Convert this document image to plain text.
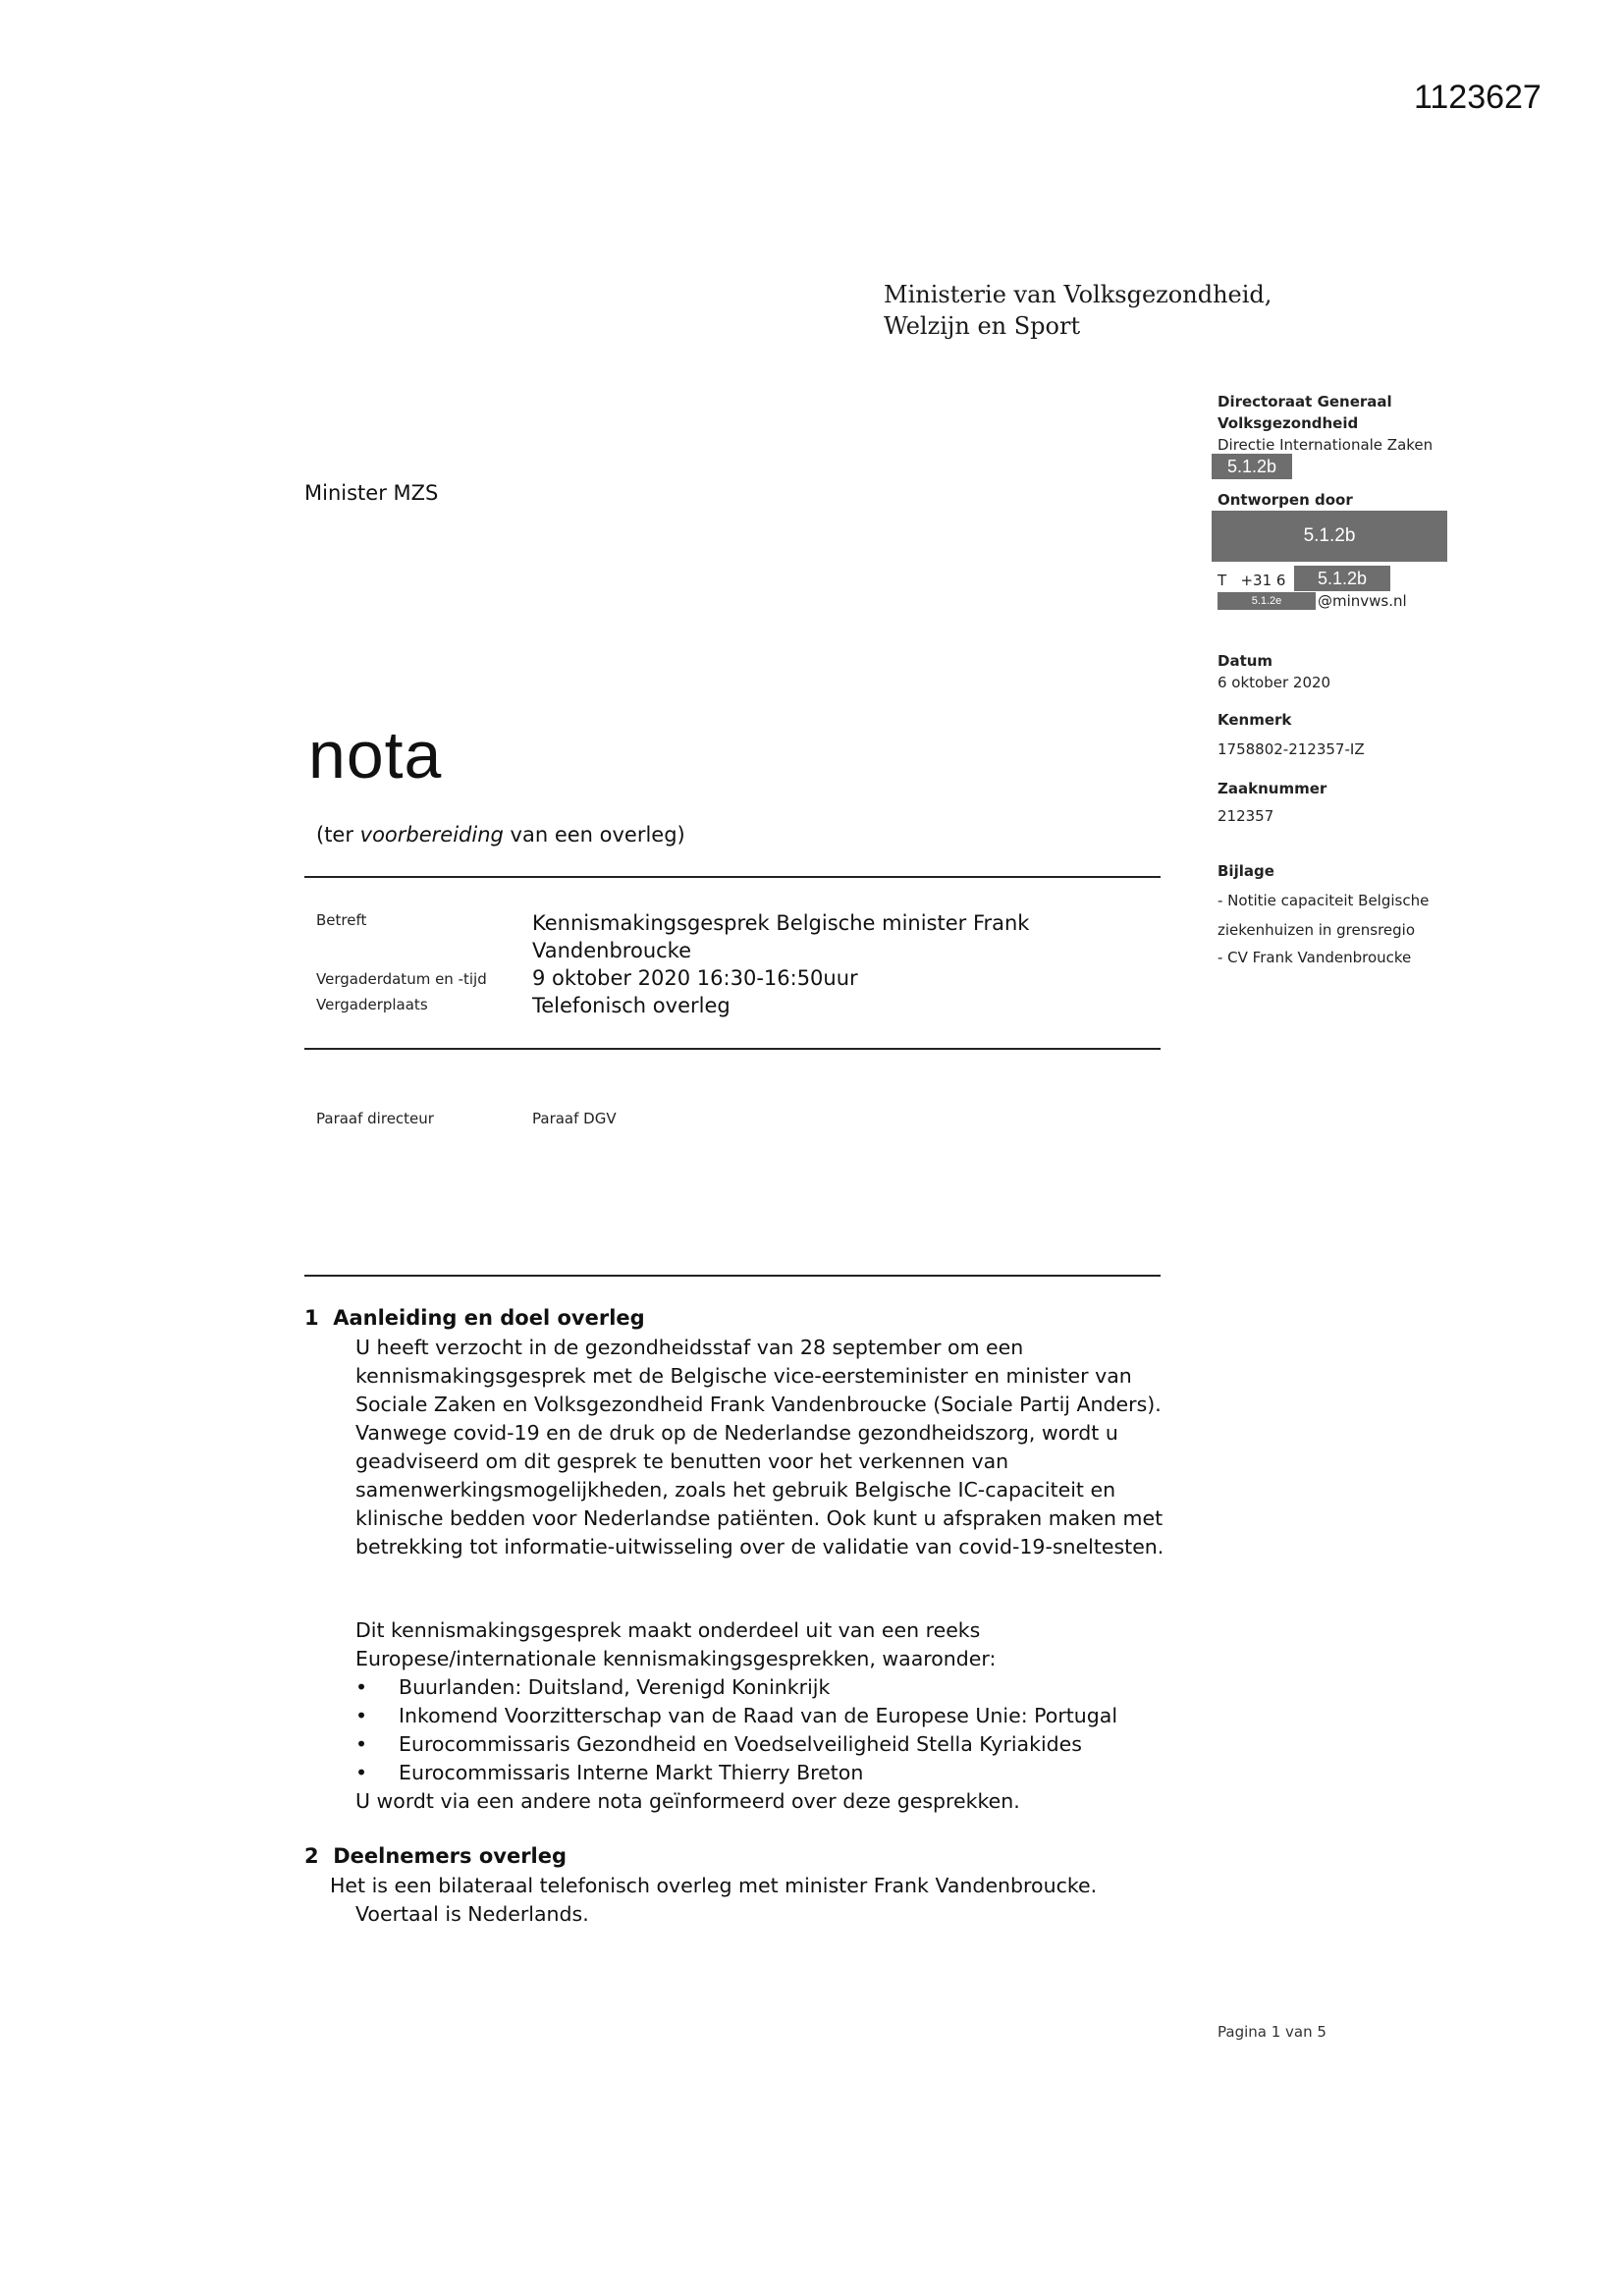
1123627
Ministerie van Volksgezondheid,
Welzijn en Sport
Minister MZS
Directoraat Generaal
Volksgezondheid
Directie Internationale Zaken
5.1.2b
Ontworpen door
5.1.2b
T   +31 6	5.1.2b
5.1.2e	@minvws.nl
Datum
6 oktober 2020
Kenmerk
1758802-212357-IZ
Zaaknummer
212357
Bijlage
- Notitie capaciteit Belgische
ziekenhuizen in grensregio
- CV Frank Vandenbroucke
nota
(ter voorbereiding van een overleg)
Betreft	Kennismakingsgesprek Belgische minister Frank Vandenbroucke
Vergaderdatum en -tijd 9 oktober 2020 16:30-16:50uur
Vergaderplaats	Telefonisch overleg
Paraaf directeur	Paraaf DGV
1  Aanleiding en doel overleg
U heeft verzocht in de gezondheidsstaf van 28 september om een kennismakingsgesprek met de Belgische vice-eersteminister en minister van Sociale Zaken en Volksgezondheid Frank Vandenbroucke (Sociale Partij Anders). Vanwege covid-19 en de druk op de Nederlandse gezondheidszorg, wordt u geadviseerd om dit gesprek te benutten voor het verkennen van samenwerkingsmogelijkheden, zoals het gebruik Belgische IC-capaciteit en klinische bedden voor Nederlandse patiënten. Ook kunt u afspraken maken met betrekking tot informatie-uitwisseling over de validatie van covid-19-sneltesten.
Dit kennismakingsgesprek maakt onderdeel uit van een reeks Europese/internationale kennismakingsgesprekken, waaronder:
• Buurlanden: Duitsland, Verenigd Koninkrijk
• Inkomend Voorzitterschap van de Raad van de Europese Unie: Portugal
• Eurocommissaris Gezondheid en Voedselveiligheid Stella Kyriakides
• Eurocommissaris Interne Markt Thierry Breton
U wordt via een andere nota geïnformeerd over deze gesprekken.
2  Deelnemers overleg
Het is een bilateraal telefonisch overleg met minister Frank Vandenbroucke.
Voertaal is Nederlands.
Pagina 1 van 5
